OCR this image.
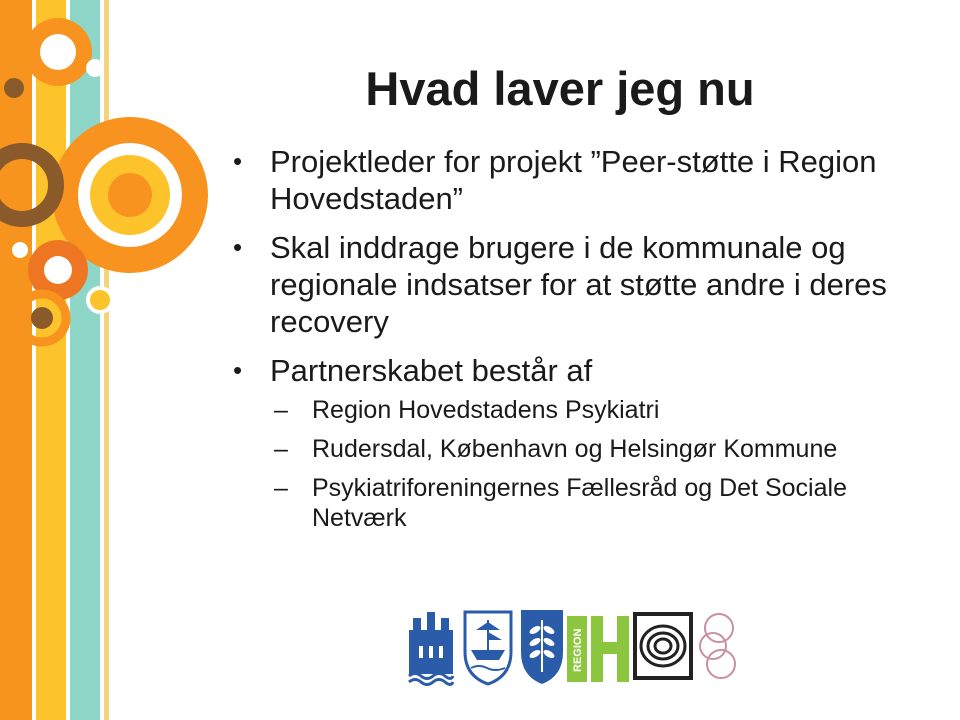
Hvad laver jeg nu
• Projektleder for projekt ”Peer-støtte i Region Hovedstaden”
• Skal inddrage brugere i de kommunale og regionale indsatser for at støtte andre i deres recovery
• Partnerskabet består af
– Region Hovedstadens Psykiatri
– Rudersdal, København og Helsingør Kommune
– Psykiatriforeningernes Fællesråd og Det Sociale Netværk
REGION
